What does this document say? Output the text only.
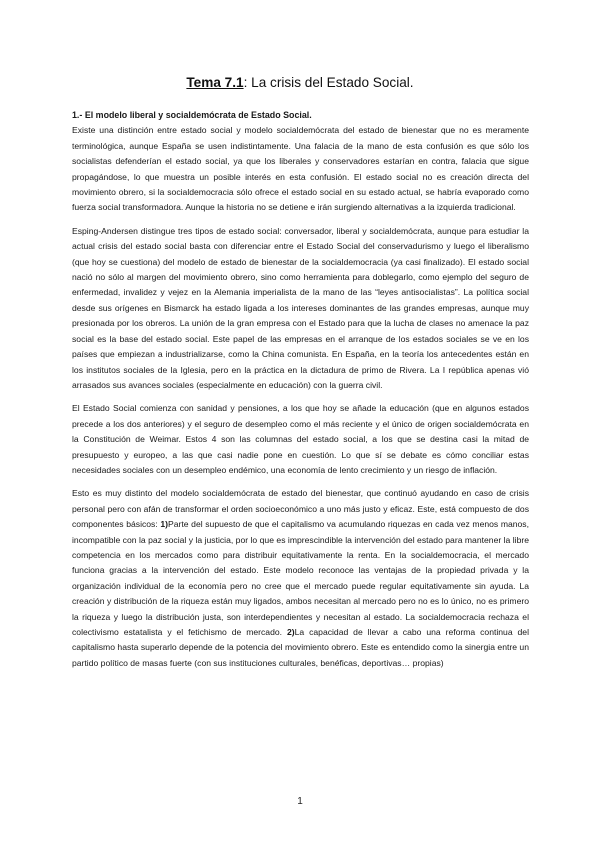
Tema 7.1: La crisis del Estado Social.

1.- El modelo liberal y socialdemócrata de Estado Social.
Existe una distinción entre estado social y modelo socialdemócrata del estado de bienestar que no es meramente terminológica, aunque España se usen indistintamente. Una falacia de la mano de esta confusión es que sólo los socialistas defenderían el estado social, ya que los liberales y conservadores estarían en contra, falacia que sigue propagándose, lo que muestra un posible interés en esta confusión. El estado social no es creación directa del movimiento obrero, si la socialdemocracia sólo ofrece el estado social en su estado actual, se habría evaporado como fuerza social transformadora. Aunque la historia no se detiene e irán surgiendo alternativas a la izquierda tradicional.

Esping-Andersen distingue tres tipos de estado social: conversador, liberal y socialdemócrata, aunque para estudiar la actual crisis del estado social basta con diferenciar entre el Estado Social del conservadurismo y luego el liberalismo (que hoy se cuestiona) del modelo de estado de bienestar de la socialdemocracia (ya casi finalizado). El estado social nació no sólo al margen del movimiento obrero, sino como herramienta para doblegarlo, como ejemplo del seguro de enfermedad, invalidez y vejez en la Alemania imperialista de la mano de las “leyes antisocialistas”. La política social desde sus orígenes en Bismarck ha estado ligada a los intereses dominantes de las grandes empresas, aunque muy presionada por los obreros. La unión de la gran empresa con el Estado para que la lucha de clases no amenace la paz social es la base del estado social. Este papel de las empresas en el arranque de los estados sociales se ve en los países que empiezan a industrializarse, como la China comunista. En España, en la teoría los antecedentes están en los institutos sociales de la Iglesia, pero en la práctica en la dictadura de primo de Rivera. La I república apenas vió arrasados sus avances sociales (especialmente en educación) con la guerra civil.

El Estado Social comienza con sanidad y pensiones, a los que hoy se añade la educación (que en algunos estados precede a los dos anteriores) y el seguro de desempleo como el más reciente y el único de origen socialdemócrata en la Constitución de Weimar. Estos 4 son las columnas del estado social, a los que se destina casi la mitad de presupuesto y europeo, a las que casi nadie pone en cuestión. Lo que sí se debate es cómo conciliar estas necesidades sociales con un desempleo endémico, una economía de lento crecimiento y un riesgo de inflación.

Esto es muy distinto del modelo socialdemócrata de estado del bienestar, que continuó ayudando en caso de crisis personal pero con afán de transformar el orden socioeconómico a uno más justo y eficaz. Este, está compuesto de dos componentes básicos: 1)Parte del supuesto de que el capitalismo va acumulando riquezas en cada vez menos manos, incompatible con la paz social y la justicia, por lo que es imprescindible la intervención del estado para mantener la libre competencia en los mercados como para distribuir equitativamente la renta. En la socialdemocracia, el mercado funciona gracias a la intervención del estado. Este modelo reconoce las ventajas de la propiedad privada y la organización individual de la economía pero no cree que el mercado puede regular equitativamente sin ayuda. La creación y distribución de la riqueza están muy ligados, ambos necesitan al mercado pero no es lo único, no es primero la riqueza y luego la distribución justa, son interdependientes y necesitan al estado. La socialdemocracia rechaza el colectivismo estatalista y el fetichismo de mercado. 2)La capacidad de llevar a cabo una reforma continua del capitalismo hasta superarlo depende de la potencia del movimiento obrero. Este es entendido como la sinergia entre un partido político de masas fuerte (con sus instituciones culturales, benéficas, deportivas… propias)

1
